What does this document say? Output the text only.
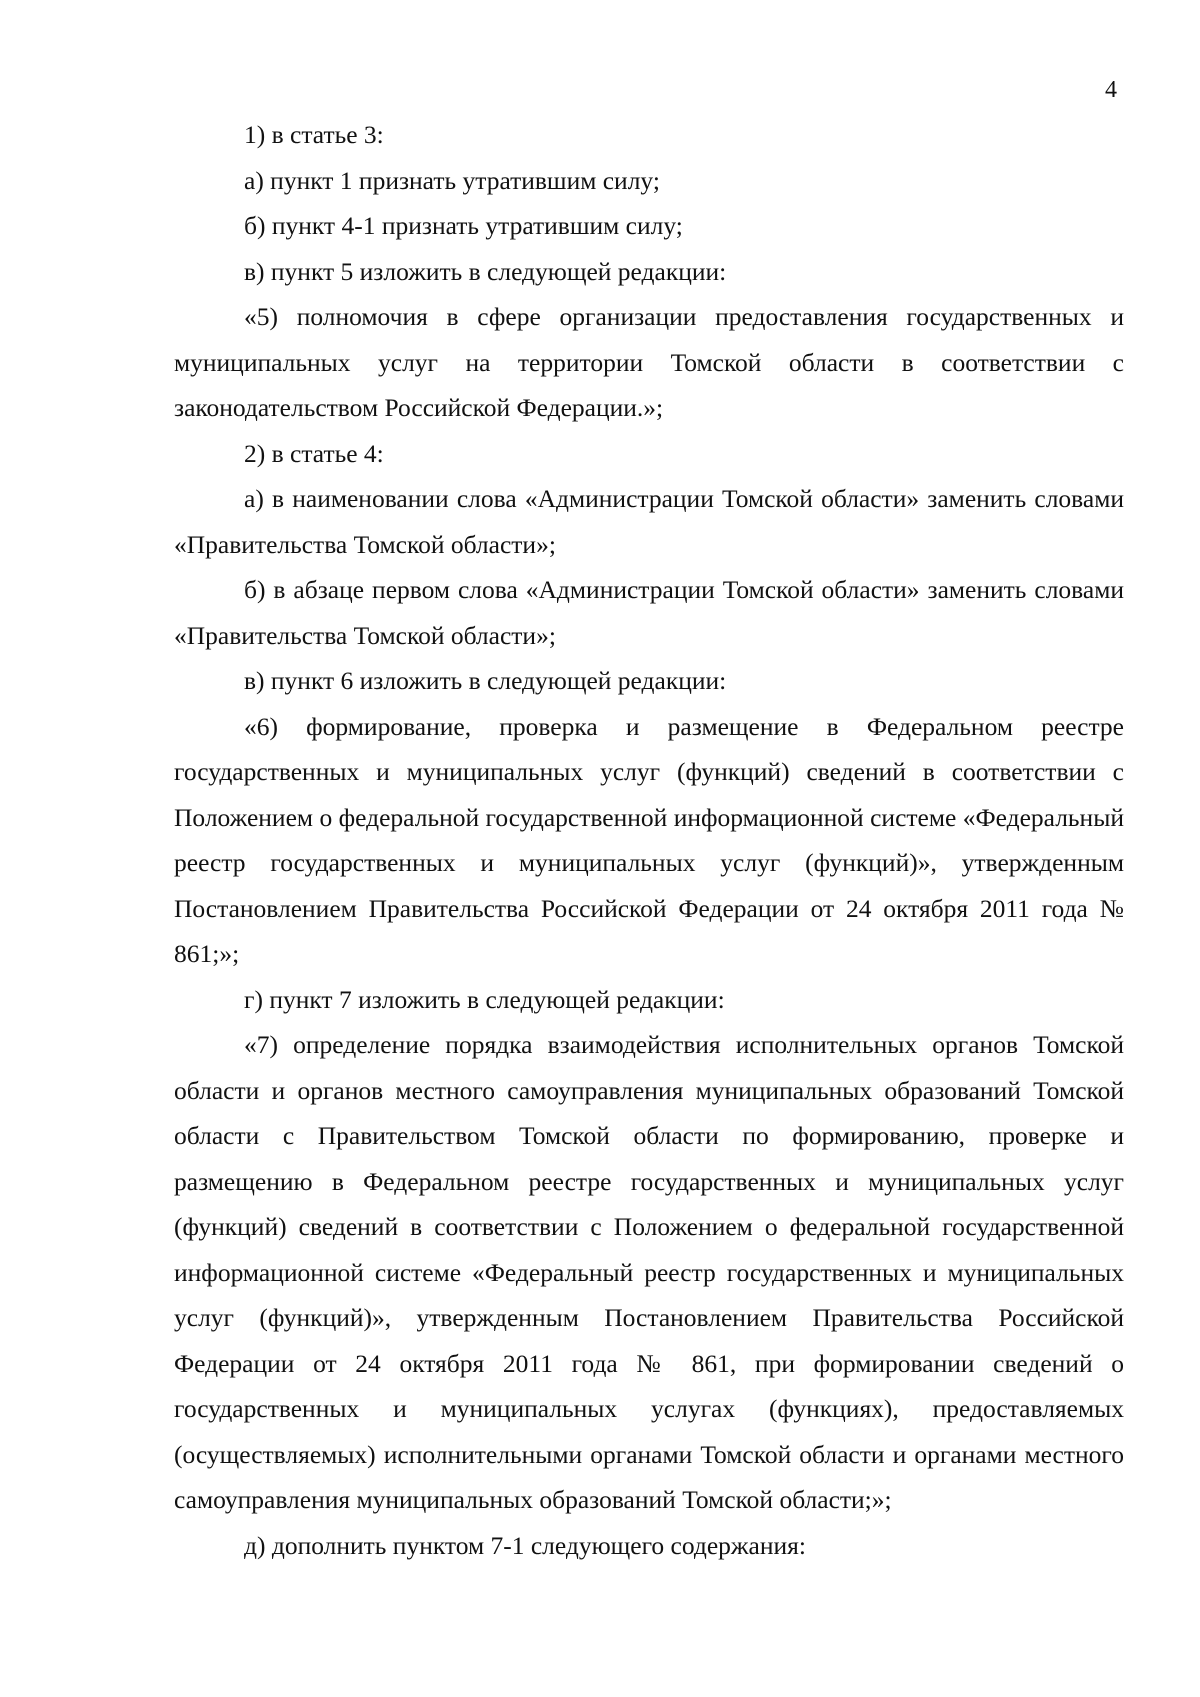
4

1) в статье 3:

а) пункт 1 признать утратившим силу;

б) пункт 4-1 признать утратившим силу;

в) пункт 5 изложить в следующей редакции:

«5) полномочия в сфере организации предоставления государственных и муниципальных услуг на территории Томской области в соответствии с законодательством Российской Федерации.»;

2) в статье 4:

а) в наименовании слова «Администрации Томской области» заменить словами «Правительства Томской области»;

б) в абзаце первом слова «Администрации Томской области» заменить словами «Правительства Томской области»;

в) пункт 6 изложить в следующей редакции:

«6) формирование, проверка и размещение в Федеральном реестре государственных и муниципальных услуг (функций) сведений в соответствии с Положением о федеральной государственной информационной системе «Федеральный реестр государственных и муниципальных услуг (функций)», утвержденным Постановлением Правительства Российской Федерации от 24 октября 2011 года № 861;»;

г) пункт 7 изложить в следующей редакции:

«7) определение порядка взаимодействия исполнительных органов Томской области и органов местного самоуправления муниципальных образований Томской области с Правительством Томской области по формированию, проверке и размещению в Федеральном реестре государственных и муниципальных услуг (функций) сведений в соответствии с Положением о федеральной государственной информационной системе «Федеральный реестр государственных и муниципальных услуг (функций)», утвержденным Постановлением Правительства Российской Федерации от 24 октября 2011 года № 861, при формировании сведений о государственных и муниципальных услугах (функциях), предоставляемых (осуществляемых) исполнительными органами Томской области и органами местного самоуправления муниципальных образований Томской области;»;

д) дополнить пунктом 7-1 следующего содержания:
